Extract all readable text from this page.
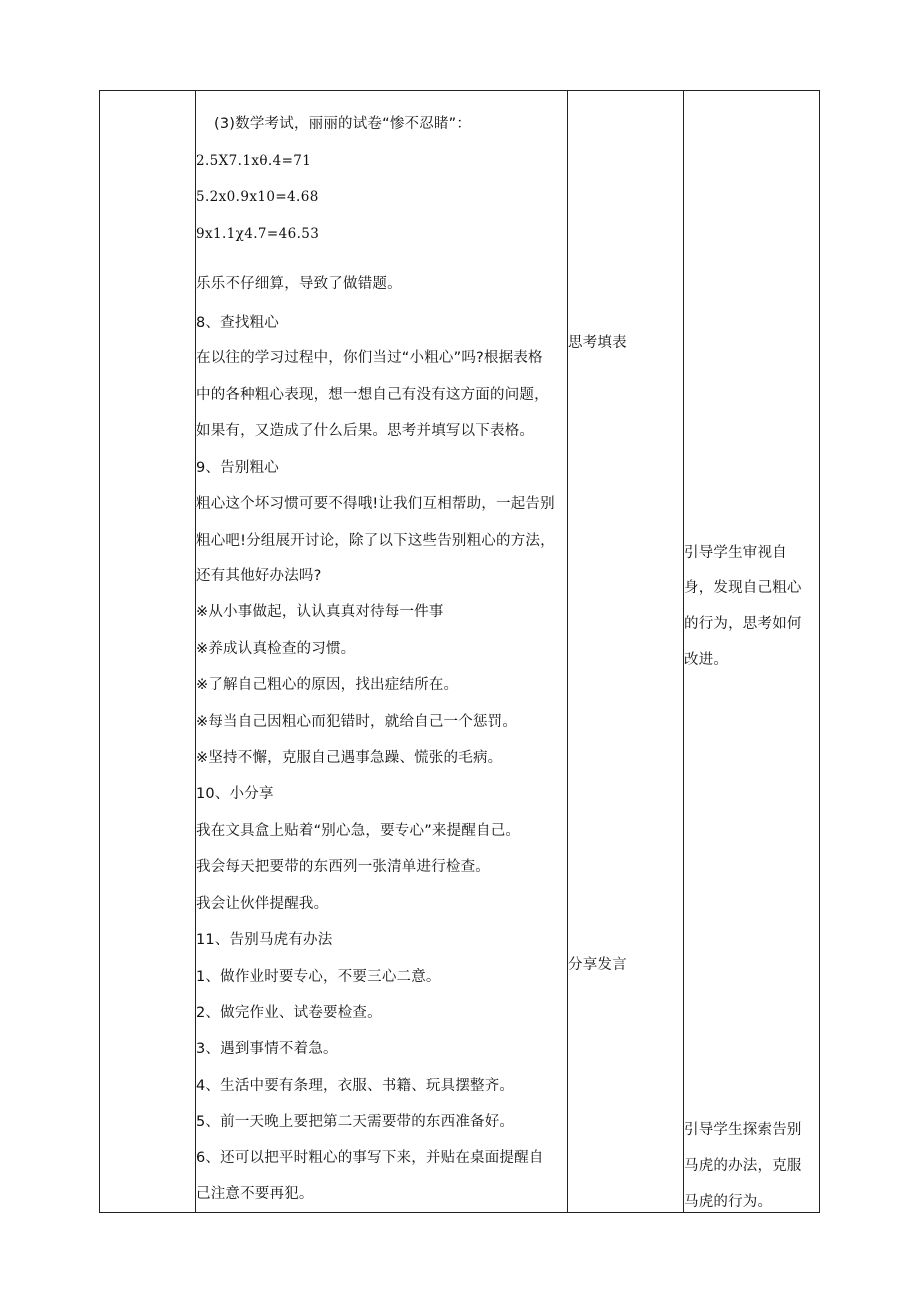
(3)数学考试，丽丽的试卷“惨不忍睹”：
2.5X7.1xθ.4=71
5.2x0.9x10=4.68
9x1.1χ4.7=46.53
乐乐不仔细算，导致了做错题。
8、查找粗心
在以往的学习过程中，你们当过“小粗心”吗?根据表格
中的各种粗心表现，想一想自己有没有这方面的问题，
如果有，又造成了什么后果。思考并填写以下表格。
9、告别粗心
粗心这个坏习惯可要不得哦!让我们互相帮助，一起告别
粗心吧!分组展开讨论，除了以下这些告别粗心的方法，
还有其他好办法吗?
※从小事做起，认认真真对待每一件事
※养成认真检查的习惯。
※了解自己粗心的原因，找出症结所在。
※每当自己因粗心而犯错时，就给自己一个惩罚。
※坚持不懈，克服自己遇事急躁、慌张的毛病。
10、小分享
我在文具盒上贴着“别心急，要专心”来提醒自己。
我会每天把要带的东西列一张清单进行检查。
我会让伙伴提醒我。
11、告别马虎有办法
1、做作业时要专心，不要三心二意。
2、做完作业、试卷要检查。
3、遇到事情不着急。
4、生活中要有条理，衣服、书籍、玩具摆整齐。
5、前一天晚上要把第二天需要带的东西准备好。
6、还可以把平时粗心的事写下来，并贴在桌面提醒自
己注意不要再犯。
思考填表
分享发言
引导学生审视自
身，发现自己粗心
的行为，思考如何
改进。
引导学生探索告别
马虎的办法，克服
马虎的行为。
